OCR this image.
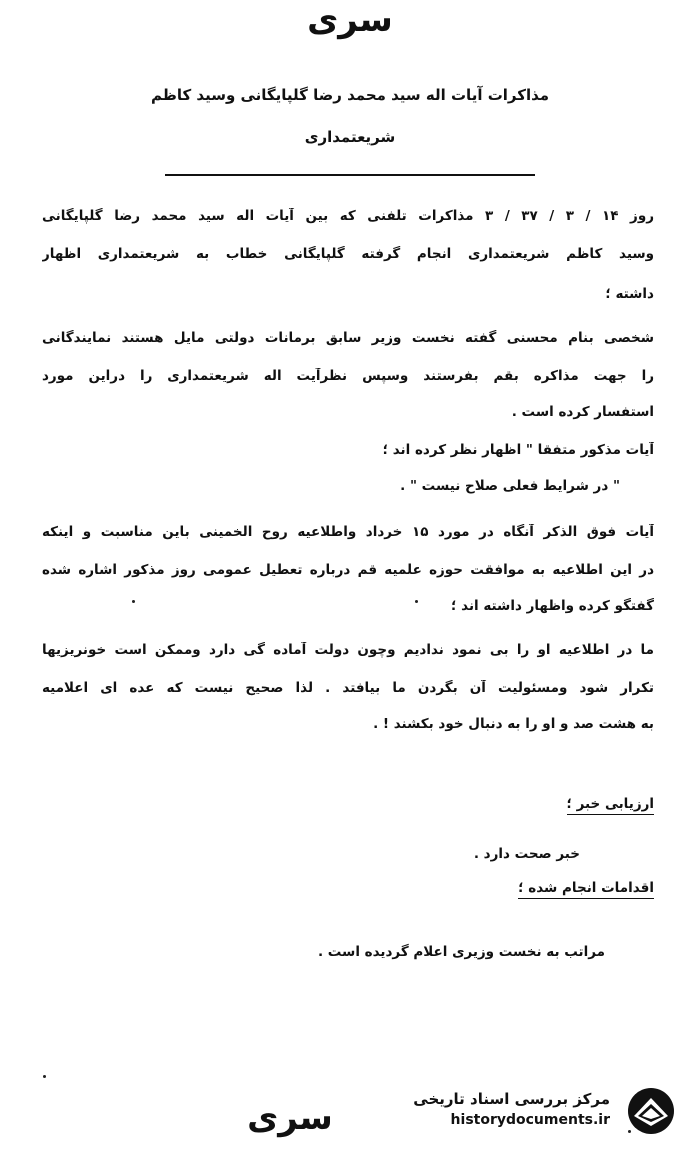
سری
مذاکرات آیات اله سید محمد رضا گلپایگانی وسید کاظم
شریعتمداری
روز ۱۴ / ۳ / ۳۷ / ۳ مذاکرات تلفنی که بین آیات اله سید محمد رضا گلپایگانی
وسید کاظم شریعتمداری انجام گرفته گلپایگانی خطاب به شریعتمداری اظهار
داشته ؛
شخصی بنام محسنی گفته نخست وزیر سابق برمانات دولتی مایل هستند نمایندگانی
را جهت مذاکره بقم بفرستند وسپس نظرآیت اله شریعتمداری را دراین مورد
استفسار کرده است .
آیات مذکور متفقا " اظهار نظر کرده اند ؛
" در شرایط فعلی صلاح نیست " .
آیات فوق الذکر آنگاه در مورد ۱۵ خرداد واطلاعیه روح الخمینی باین مناسبت و اینکه
در این اطلاعیه به موافقت حوزه علمیه قم درباره تعطیل عمومی روز مذکور اشاره شده
گفتگو کرده واظهار داشته اند ؛
ما در اطلاعیه او را بی نمود ندادیم وچون دولت آماده گی دارد وممکن است خونریزیها
تکرار شود ومسئولیت آن بگردن ما بیافتد . لذا صحیح نیست که عده ای اعلامیه
به هشت صد و او را به دنبال خود بکشند ! .
ارزیابی خبر ؛
خبر صحت دارد .
اقدامات انجام شده ؛
مراتب به نخست وزیری اعلام گردیده است .
سری	مرکز بررسی اسناد تاریخی
historydocuments.ir
